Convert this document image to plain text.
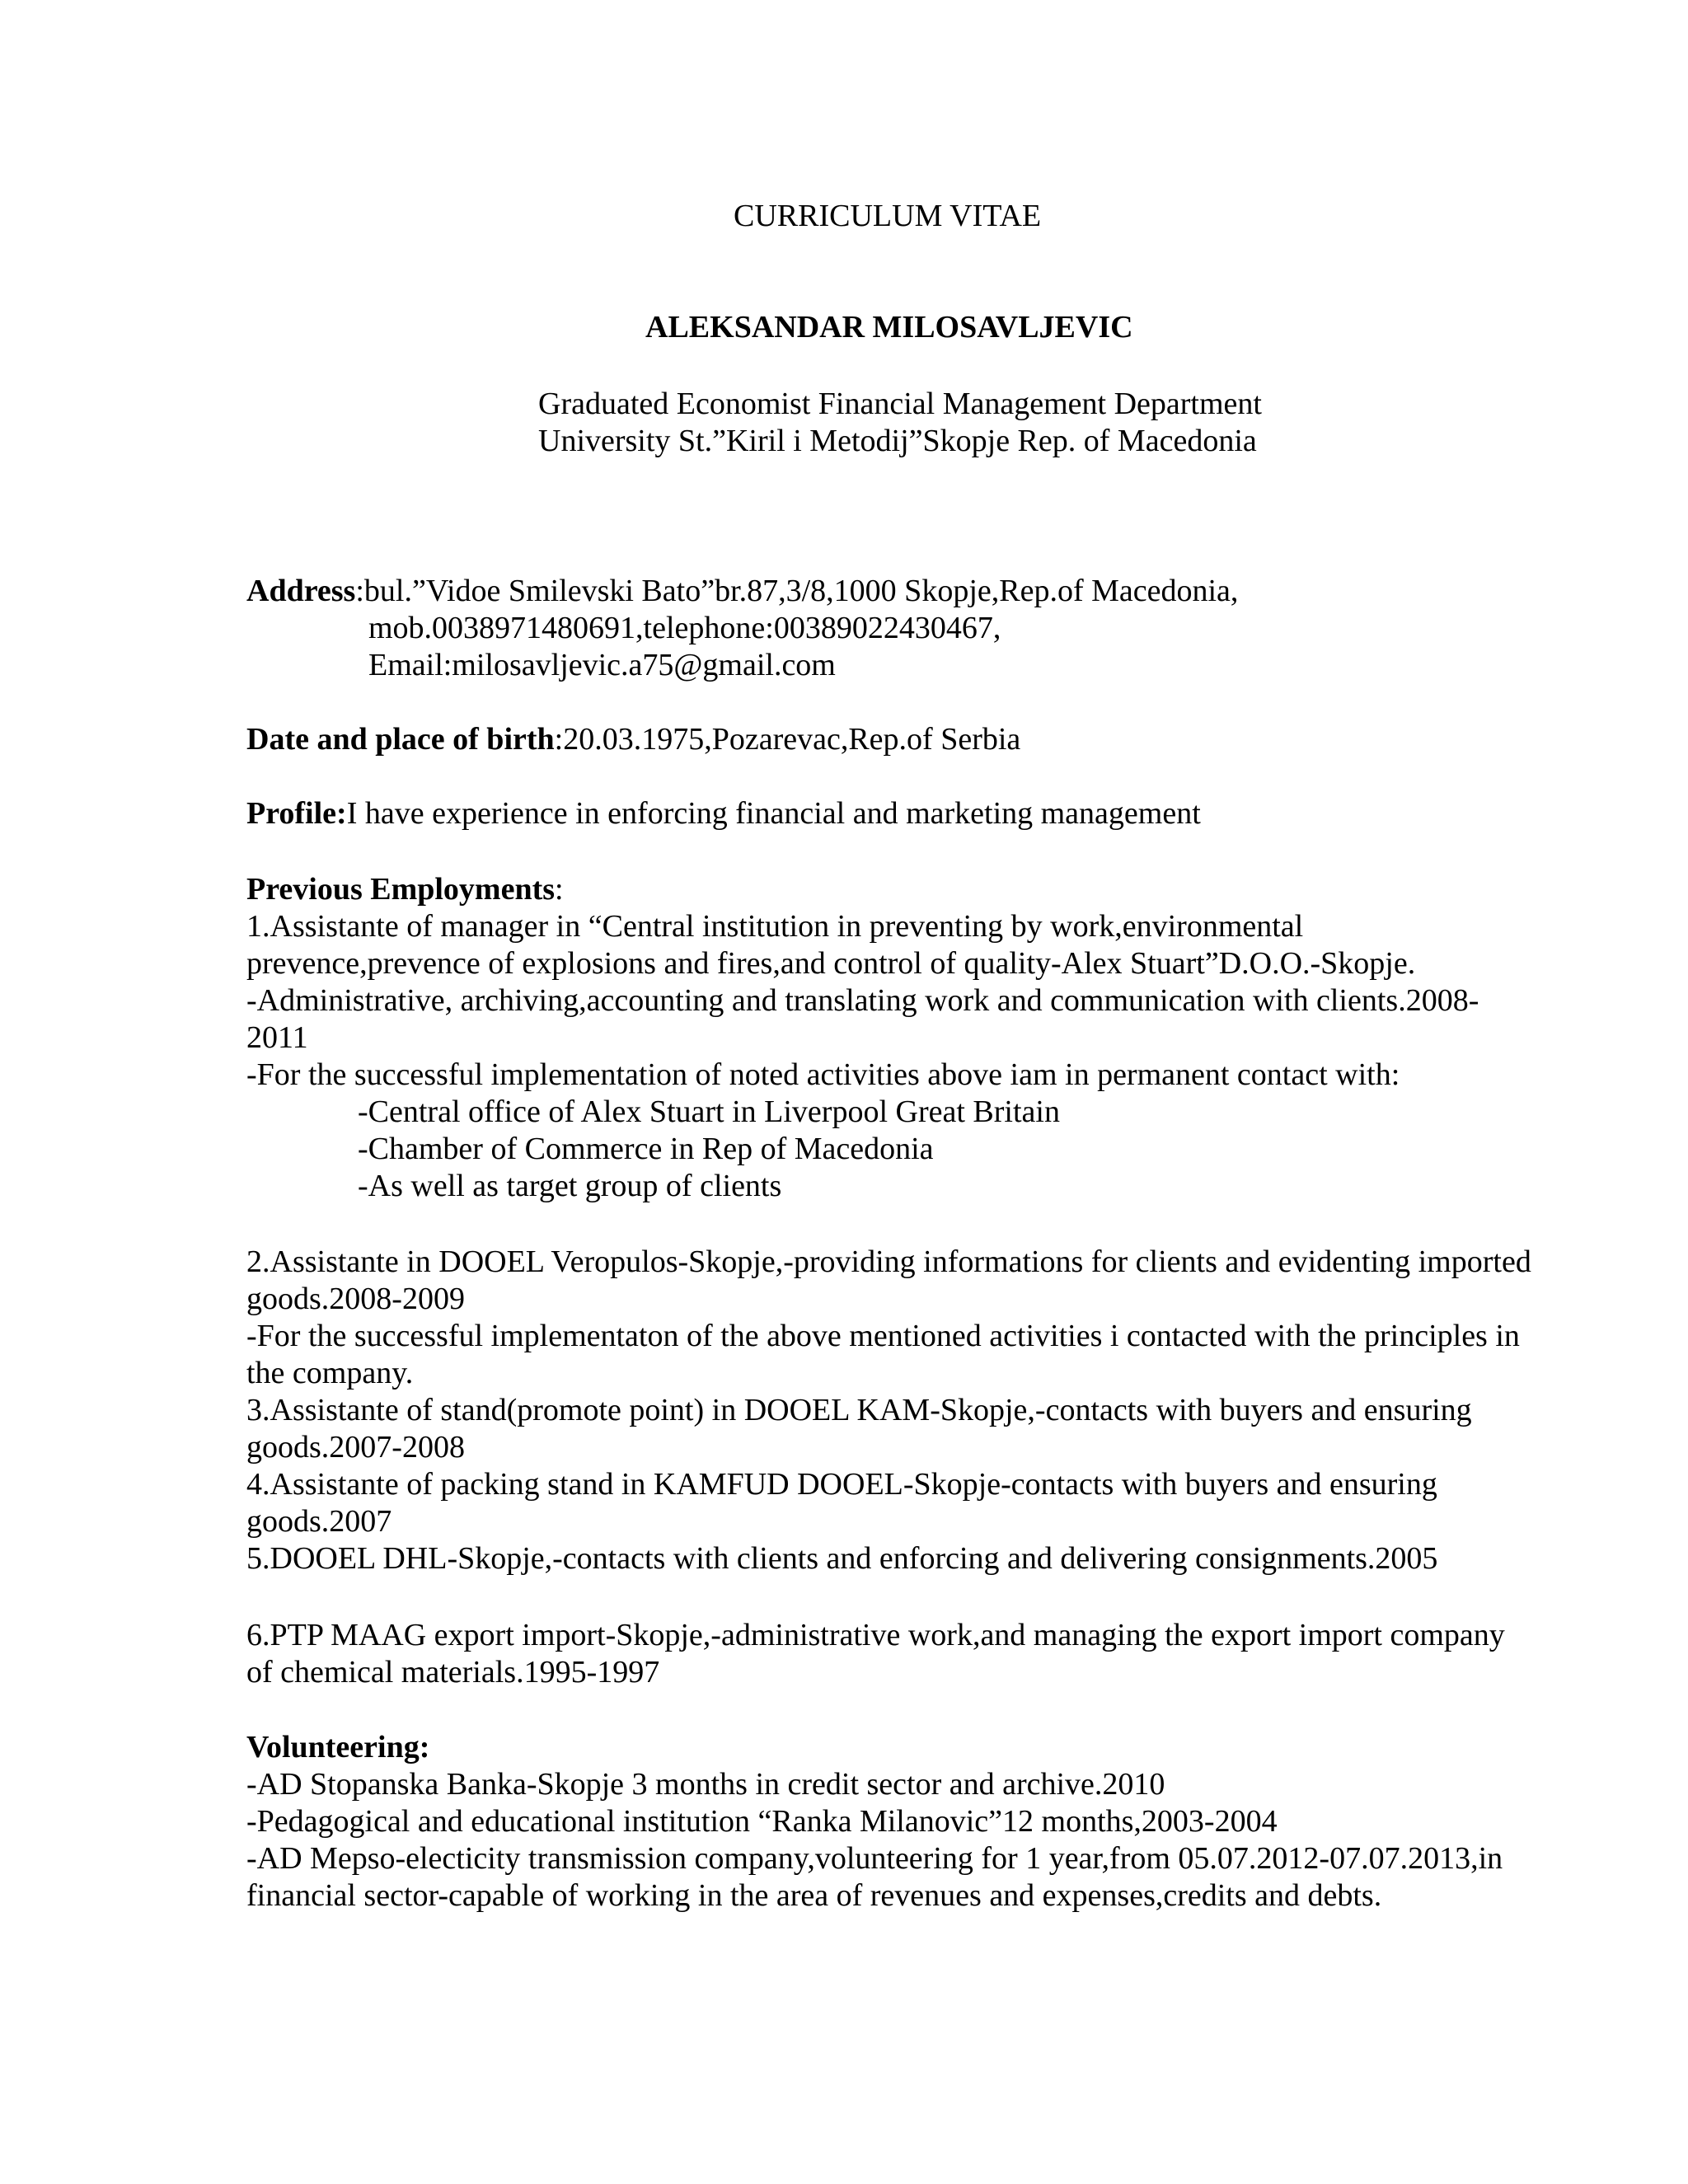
CURRICULUM VITAE
ALEKSANDAR MILOSAVLJEVIC
Graduated Economist Financial Management Department
University St.”Kiril i Metodij”Skopje Rep. of Macedonia
Address:bul.”Vidoe Smilevski Bato”br.87,3/8,1000 Skopje,Rep.of Macedonia,
mob.0038971480691,telephone:00389022430467,
Email:milosavljevic.a75@gmail.com
Date and place of birth:20.03.1975,Pozarevac,Rep.of Serbia
Profile:I have experience in enforcing financial and marketing management
Previous Employments:
1.Assistante of manager in “Central institution in preventing by work,environmental
prevence,prevence of explosions and fires,and control of quality-Alex Stuart”D.O.O.-Skopje.
-Administrative, archiving,accounting and translating work and communication with clients.2008-
2011
-For the successful implementation of noted activities above iam in permanent contact with:
-Central office of Alex Stuart in Liverpool Great Britain
-Chamber of Commerce in Rep of Macedonia
-As well as target group of clients
2.Assistante in DOOEL Veropulos-Skopje,-providing informations for clients and evidenting imported
goods.2008-2009
-For the successful implementaton of the above mentioned activities i contacted with the principles in
the company.
3.Assistante of stand(promote point) in DOOEL KAM-Skopje,-contacts with buyers and ensuring
goods.2007-2008
4.Assistante of packing stand in KAMFUD DOOEL-Skopje-contacts with buyers and ensuring
goods.2007
5.DOOEL DHL-Skopje,-contacts with clients and enforcing and delivering consignments.2005
6.PTP MAAG export import-Skopje,-administrative work,and managing the export import company
of chemical materials.1995-1997
Volunteering:
-AD Stopanska Banka-Skopje 3 months in credit sector and archive.2010
-Pedagogical and educational institution “Ranka Milanovic”12 months,2003-2004
-AD Mepso-electicity transmission company,volunteering for 1 year,from 05.07.2012-07.07.2013,in
financial sector-capable of working in the area of revenues and expenses,credits and debts.
